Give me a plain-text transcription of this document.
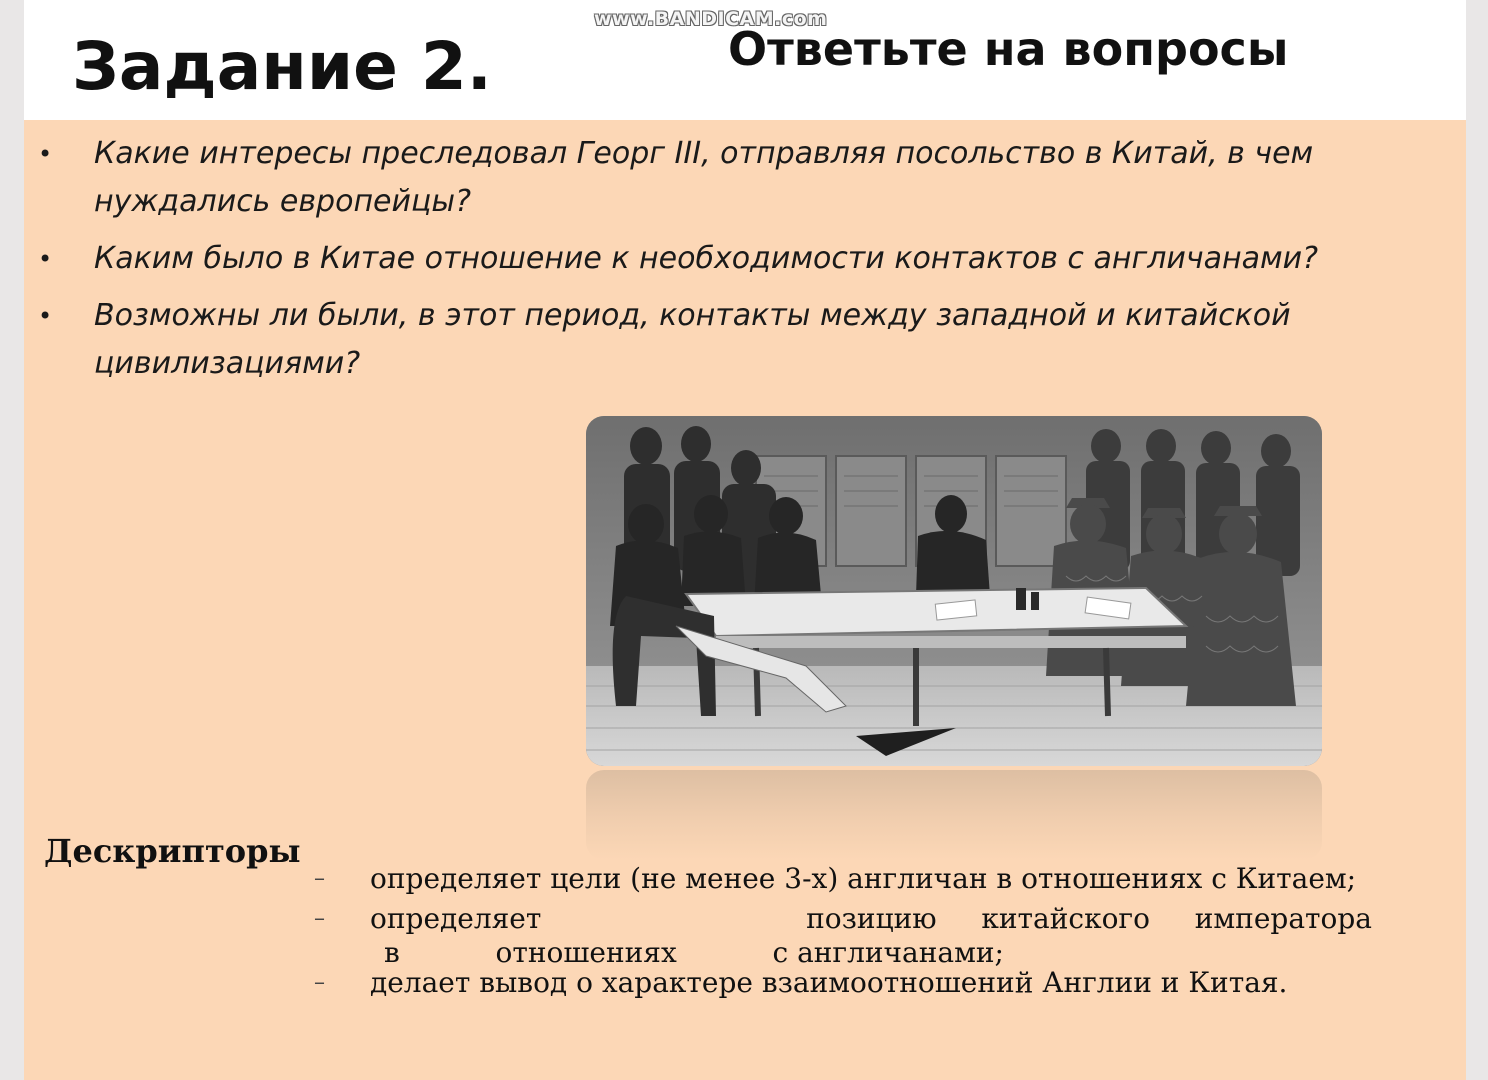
Задание 2.	Ответьте на вопросы
www.BANDICAM.com
• Какие интересы преследовал Георг III, отправляя посольство в Китай, в чем нуждались европейцы?
• Каким было в Китае отношение к необходимости контактов с англичанами?
• Возможны ли были, в этот период, контакты между западной и китайской цивилизациями?
Дескрипторы
– определяет цели (не менее 3-х) англичан в отношениях с Китаем;
– определяет	позицию китайского императора
в	отношениях	с англичанами;
– делает вывод о характере взаимоотношений Англии и Китая.
